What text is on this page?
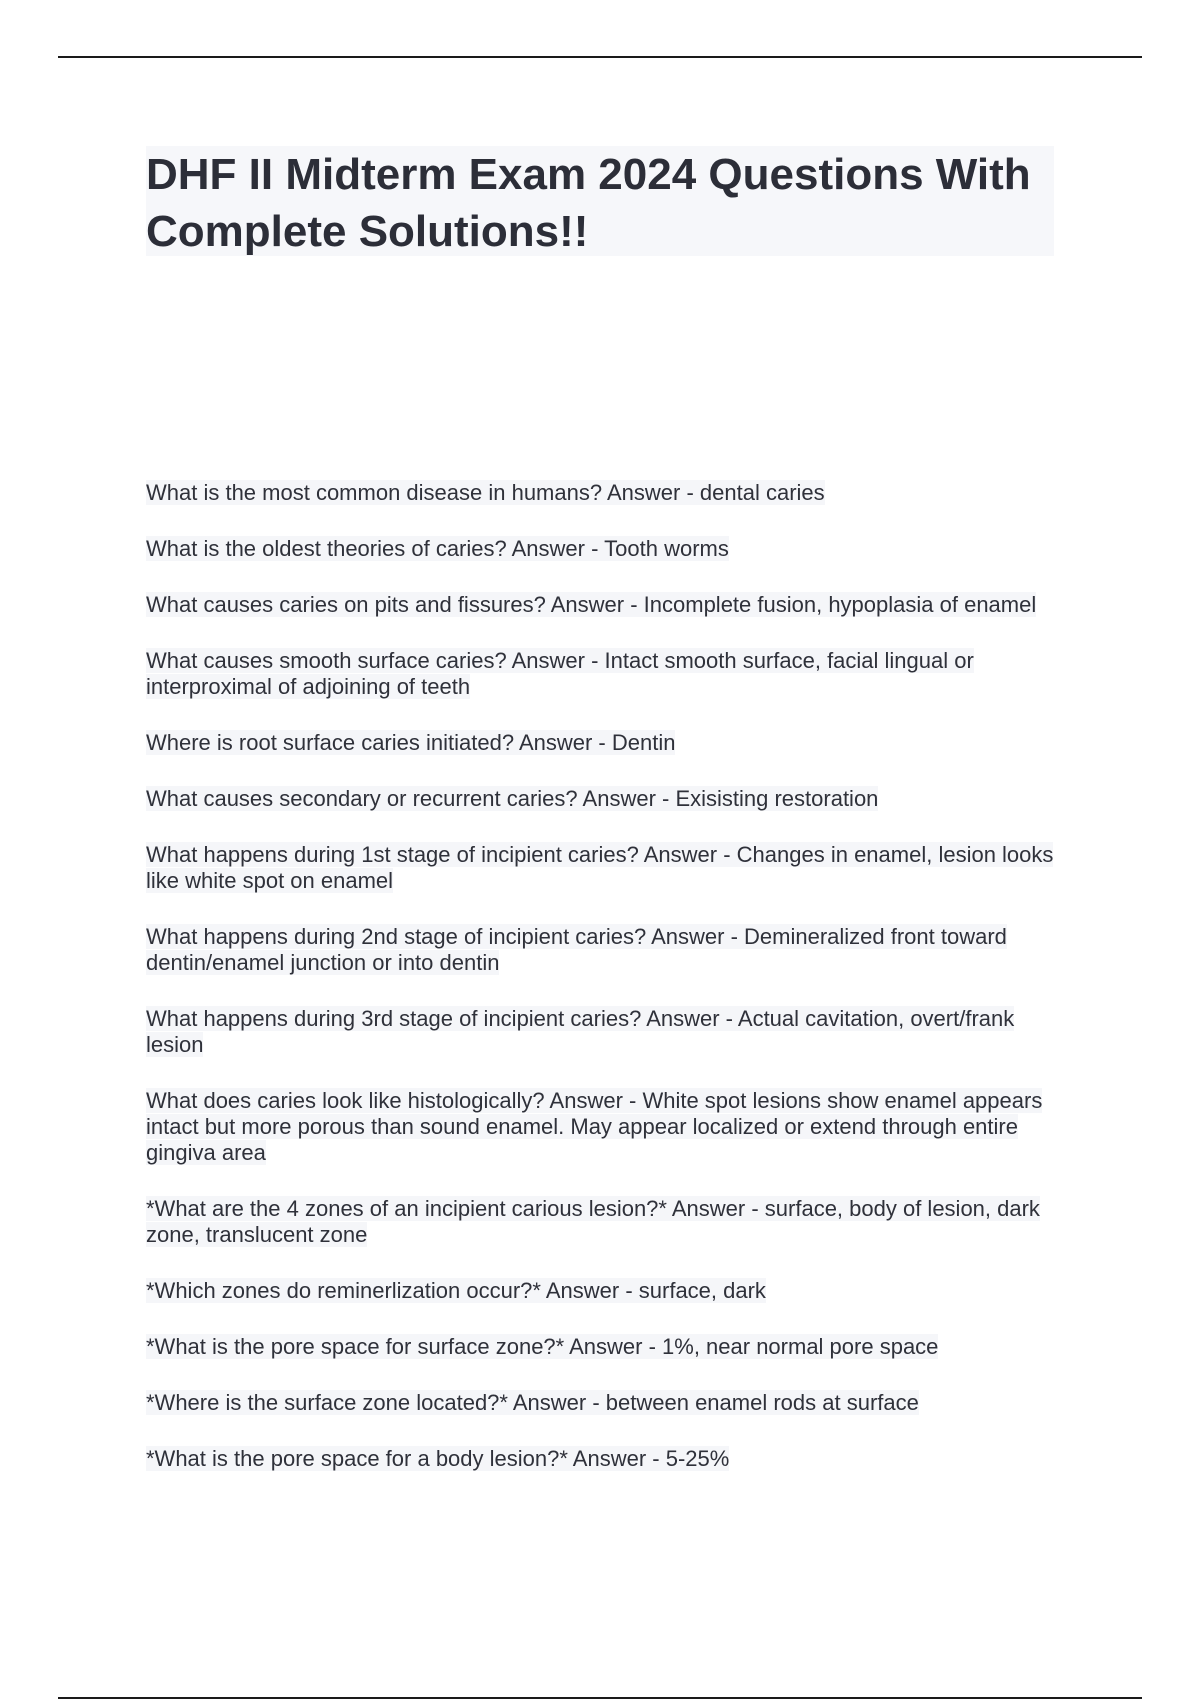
DHF II Midterm Exam 2024 Questions With Complete Solutions!!
What is the most common disease in humans? Answer - dental caries
What is the oldest theories of caries? Answer - Tooth worms
What causes caries on pits and fissures? Answer - Incomplete fusion, hypoplasia of enamel
What causes smooth surface caries? Answer - Intact smooth surface, facial lingual or interproximal of adjoining of teeth
Where is root surface caries initiated? Answer - Dentin
What causes secondary or recurrent caries? Answer - Exisisting restoration
What happens during 1st stage of incipient caries? Answer - Changes in enamel, lesion looks like white spot on enamel
What happens during 2nd stage of incipient caries? Answer - Demineralized front toward dentin/enamel junction or into dentin
What happens during 3rd stage of incipient caries? Answer - Actual cavitation, overt/frank lesion
What does caries look like histologically? Answer - White spot lesions show enamel appears intact but more porous than sound enamel. May appear localized or extend through entire gingiva area
*What are the 4 zones of an incipient carious lesion?* Answer - surface, body of lesion, dark zone, translucent zone
*Which zones do reminerlization occur?* Answer - surface, dark
*What is the pore space for surface zone?* Answer - 1%, near normal pore space
*Where is the surface zone located?* Answer - between enamel rods at surface
*What is the pore space for a body lesion?* Answer - 5-25%
